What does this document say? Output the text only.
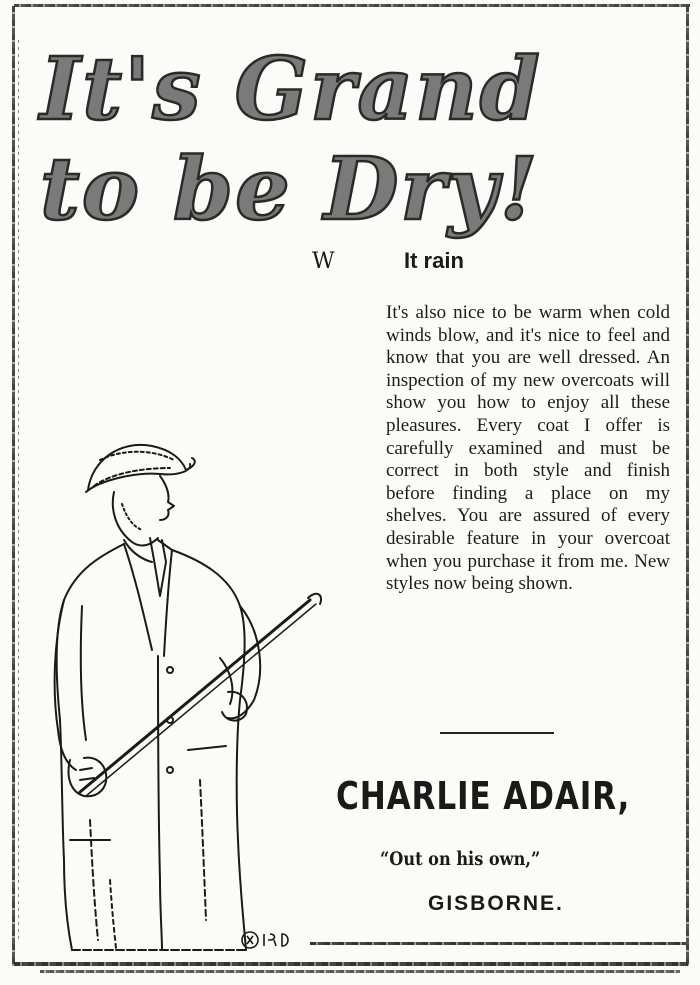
It's Grand
to be Dry!
W	It rain
It's also nice to be warm when cold winds blow, and it's nice to feel and know that you are well dressed. An inspection of my new overcoats will show you how to enjoy all these pleasures. Every coat I offer is carefully examined and must be correct in both style and finish before finding a place on my shelves. You are assured of every desirable feature in your overcoat when you purchase it from me. New styles now being shown.
CHARLIE ADAIR,
“Out on his own,”
GISBORNE.
